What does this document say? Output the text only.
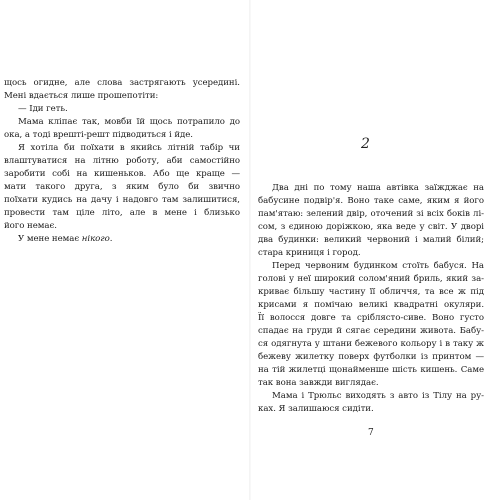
щось огидне, але слова застрягають усередині.
Мені вдається лише прошепотіти:
— Іди геть.
Мама кліпає так, мовби їй щось потрапило до
ока, а тоді врешті-решт підводиться і йде.
Я хотіла би поїхати в якийсь літній табір чи
влаштуватися на літню роботу, аби самостійно
заробити собі на кишеньков. Або ще краще —
мати такого друга, з яким було би звично
поїхати кудись на дачу і надовго там залишитися,
провести там ціле літо, але в мене і близько
його немає.
У мене немає нікого.
2
Два дні по тому наша автівка заїжджає на
бабусине подвір'я. Воно таке саме, яким я його
пам'ятаю: зелений двір, оточений зі всіх боків лі-
сом, з єдиною доріжкою, яка веде у світ. У дворі
два будинки: великий червоний і малий білий;
стара криниця і город.
Перед червоним будинком стоїть бабуся. На
голові у неї широкий солом'яний бриль, який за-
криває більшу частину її обличчя, та все ж під
крисами я помічаю великі квадратні окуляри.
Її волосся довге та сріблясто-сиве. Воно густо
спадає на груди й сягає середини живота. Бабу-
ся одягнута у штани бежевого кольору і в таку ж
бежеву жилетку поверх футболки із принтом —
на тій жилетці щонайменше шість кишень. Саме
так вона завжди виглядає.
Мама і Трюльс виходять з авто із Тілу на ру-
ках. Я залишаюся сидіти.
7
